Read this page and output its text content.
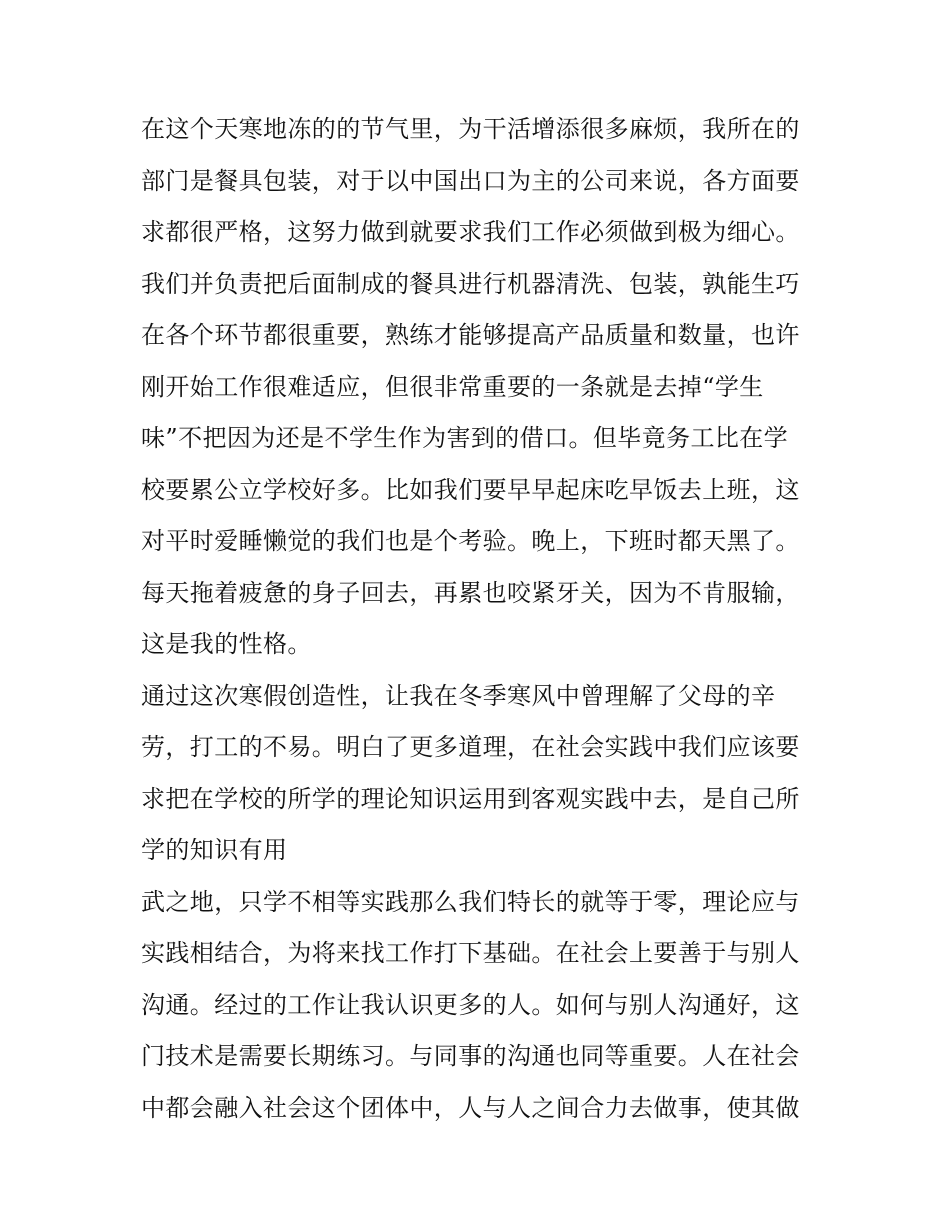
在这个天寒地冻的的节气里，为干活增添很多麻烦，我所在的
部门是餐具包装，对于以中国出口为主的公司来说，各方面要
求都很严格，这努力做到就要求我们工作必须做到极为细心。
我们并负责把后面制成的餐具进行机器清洗、包装，孰能生巧
在各个环节都很重要，熟练才能够提高产品质量和数量，也许
刚开始工作很难适应，但很非常重要的一条就是去掉“学生
味”不把因为还是不学生作为害到的借口。但毕竟务工比在学
校要累公立学校好多。比如我们要早早起床吃早饭去上班，这
对平时爱睡懒觉的我们也是个考验。晚上，下班时都天黑了。
每天拖着疲惫的身子回去，再累也咬紧牙关，因为不肯服输，
这是我的性格。
通过这次寒假创造性，让我在冬季寒风中曾理解了父母的辛
劳，打工的不易。明白了更多道理，在社会实践中我们应该要
求把在学校的所学的理论知识运用到客观实践中去，是自己所
学的知识有用
武之地，只学不相等实践那么我们特长的就等于零，理论应与
实践相结合，为将来找工作打下基础。在社会上要善于与别人
沟通。经过的工作让我认识更多的人。如何与别人沟通好，这
门技术是需要长期练习。与同事的沟通也同等重要。人在社会
中都会融入社会这个团体中，人与人之间合力去做事，使其做
